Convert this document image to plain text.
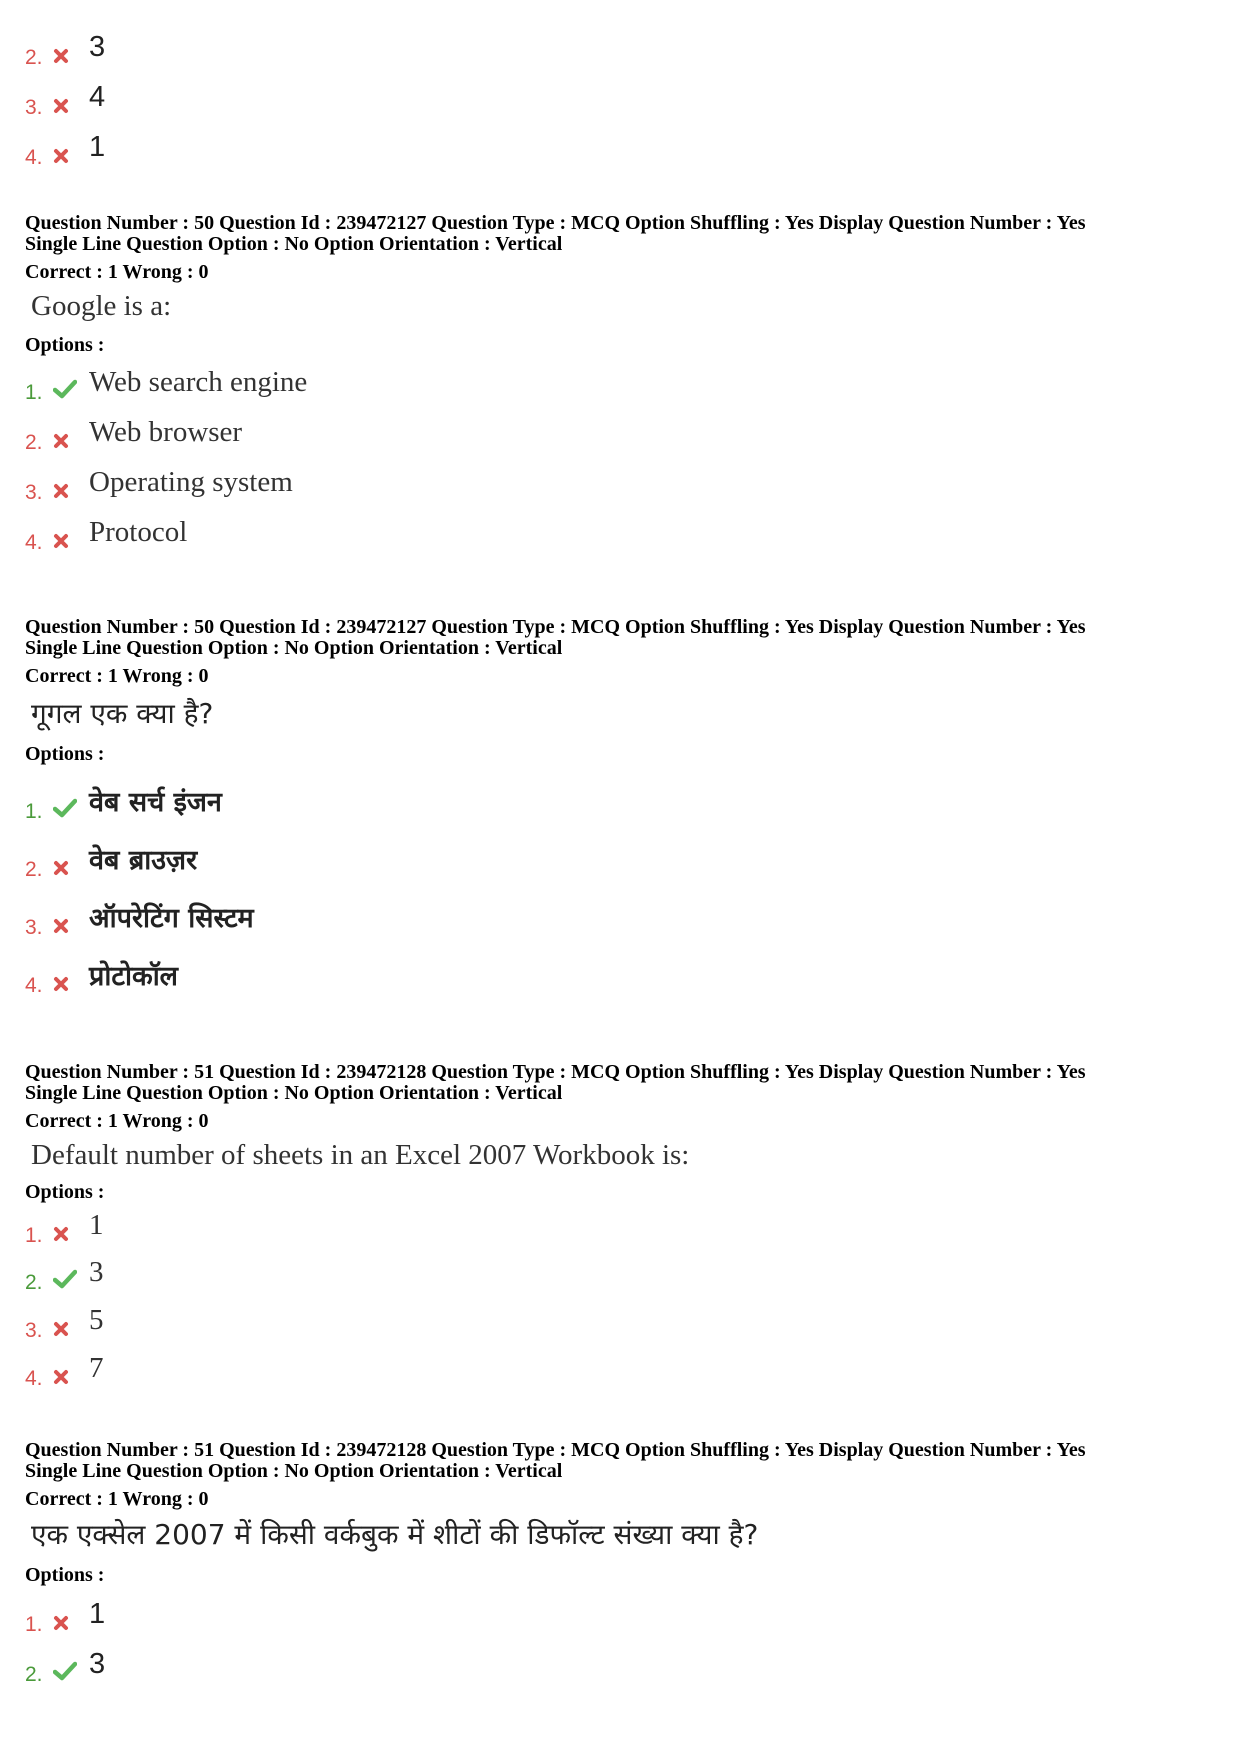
2.	3
3.	4
4.	1
Question Number : 50 Question Id : 239472127 Question Type : MCQ Option Shuffling : Yes Display Question Number : Yes
Single Line Question Option : No Option Orientation : Vertical
Correct : 1 Wrong : 0
Google is a:
Options :
1.	Web search engine
2.	Web browser
3.	Operating system
4.	Protocol
Question Number : 50 Question Id : 239472127 Question Type : MCQ Option Shuffling : Yes Display Question Number : Yes
Single Line Question Option : No Option Orientation : Vertical
Correct : 1 Wrong : 0
गूगल एक क्या है?
Options :
1.	वेब सर्च इंजन
2.	वेब ब्राउज़र
3.	ऑपरेटिंग सिस्टम
4.	प्रोटोकॉल
Question Number : 51 Question Id : 239472128 Question Type : MCQ Option Shuffling : Yes Display Question Number : Yes
Single Line Question Option : No Option Orientation : Vertical
Correct : 1 Wrong : 0
Default number of sheets in an Excel 2007 Workbook is:
Options :
1.	1
2.	3
3.	5
4.	7
Question Number : 51 Question Id : 239472128 Question Type : MCQ Option Shuffling : Yes Display Question Number : Yes
Single Line Question Option : No Option Orientation : Vertical
Correct : 1 Wrong : 0
एक एक्सेल 2007 में किसी वर्कबुक में शीटों की डिफॉल्ट संख्या क्या है?
Options :
1.	1
2.	3
